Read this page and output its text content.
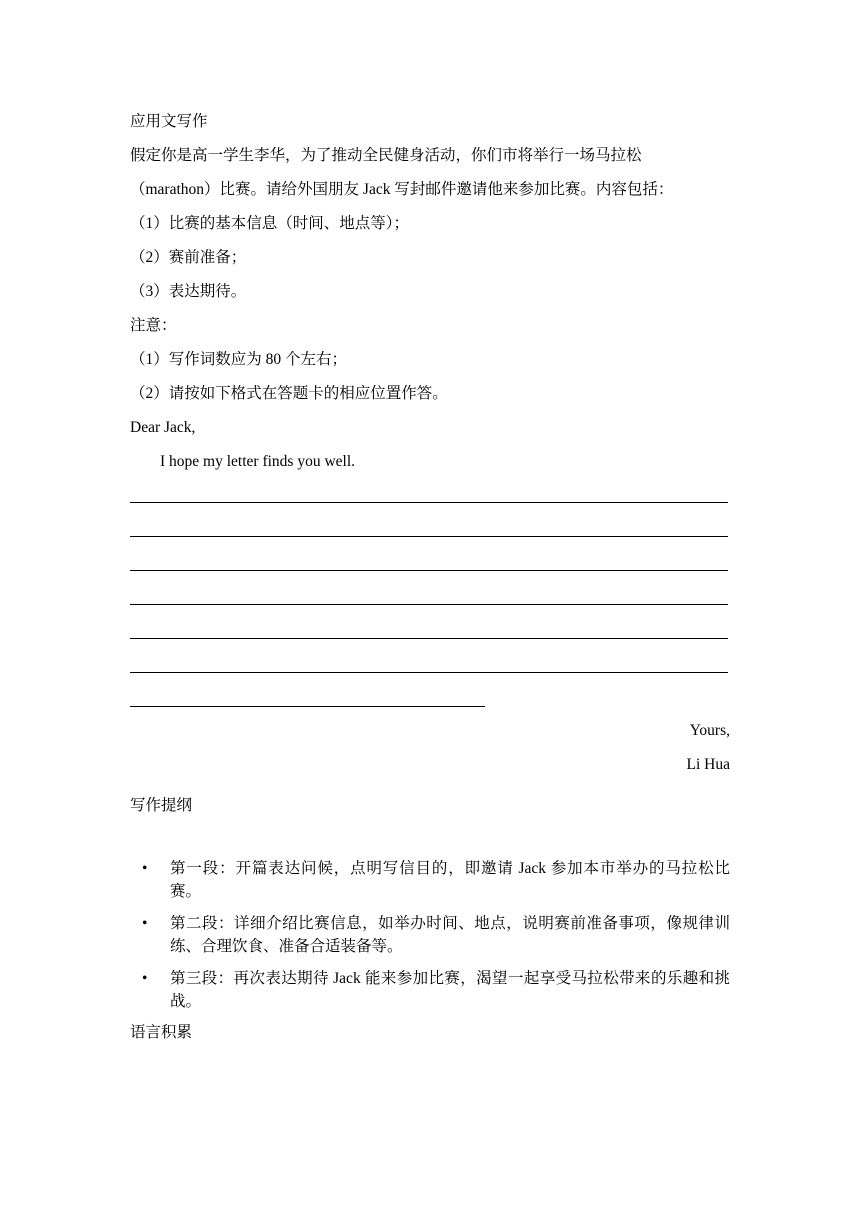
应用文写作
假定你是高一学生李华，为了推动全民健身活动，你们市将举行一场马拉松
（marathon）比赛。请给外国朋友 Jack 写封邮件邀请他来参加比赛。内容包括：
（1）比赛的基本信息（时间、地点等）；
（2）赛前准备；
（3）表达期待。
注意：
（1）写作词数应为 80 个左右；
（2）请按如下格式在答题卡的相应位置作答。
Dear Jack,
I hope my letter finds you well.
Yours,
Li Hua
写作提纲
• 第一段：开篇表达问候，点明写信目的，即邀请 Jack 参加本市举办的马拉松比赛。
• 第二段：详细介绍比赛信息，如举办时间、地点，说明赛前准备事项，像规律训练、合理饮食、准备合适装备等。
• 第三段：再次表达期待 Jack 能来参加比赛，渴望一起享受马拉松带来的乐趣和挑战。
语言积累
